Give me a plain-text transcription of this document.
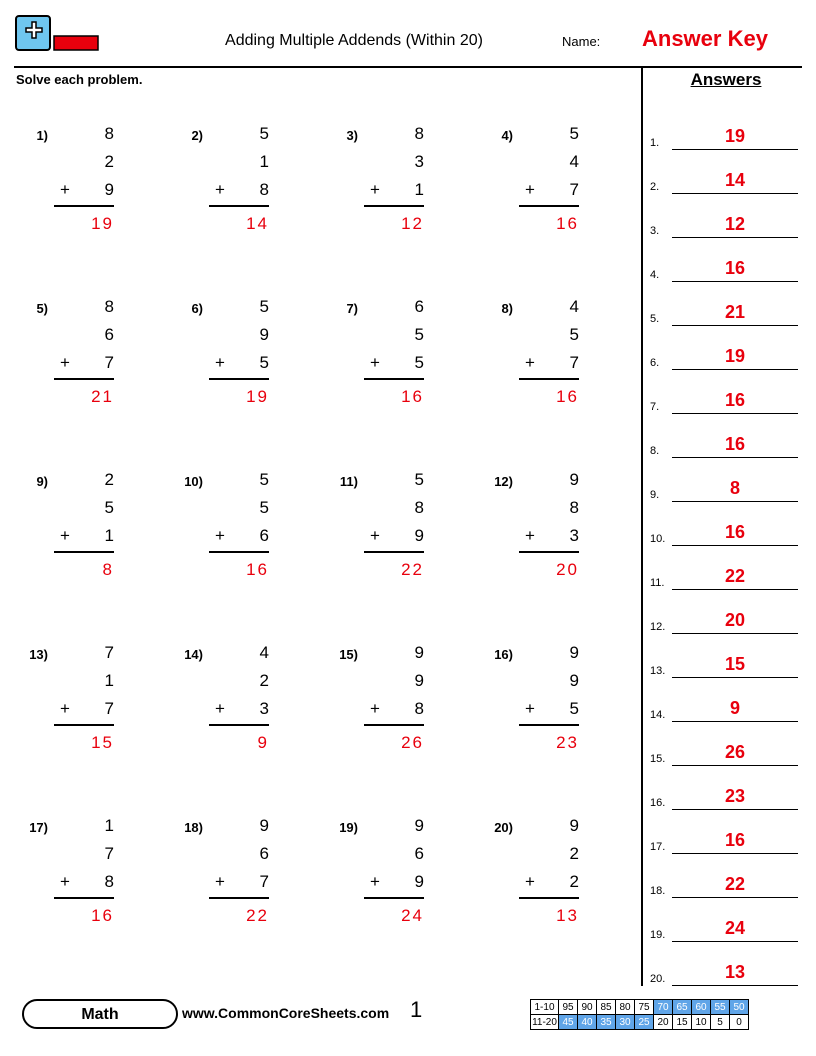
Adding Multiple Addends (Within 20)	Name: Answer Key
Solve each problem.
1)	8
2
+	9
19
2)	5
1
+	8
14
3)	8
3
+	1
12
4)	5
4
+	7
16
5)	8
6
+	7
21
6)	5
9
+	5
19
7)	6
5
+	5
16
8)	4
5
+	7
16
9)	2
5
+	1
8
10)	5
5
+	6
16
11)	5
8
+	9
22
12)	9
8
+	3
20
13)	7
1
+	7
15
14)	4
2
+	3
9
15)	9
9
+	8
26
16)	9
9
+	5
23
17)	1
7
+	8
16
18)	9
6
+	7
22
19)	9
6
+	9
24
20)	9
2
+	2
13
Answers
1.	19
2.	14
3.	12
4.	16
5.	21
6.	19
7.	16
8.	16
9.	8
10.	16
11.	22
12.	20
13.	15
14.	9
15.	26
16.	23
17.	16
18.	22
19.	24
20.	13
Math	www.CommonCoreSheets.com 1	1-10	95	90	85	80	75	70	65	60	55	50
11-20	45	40	35	30	25	20	15	10	5	0
